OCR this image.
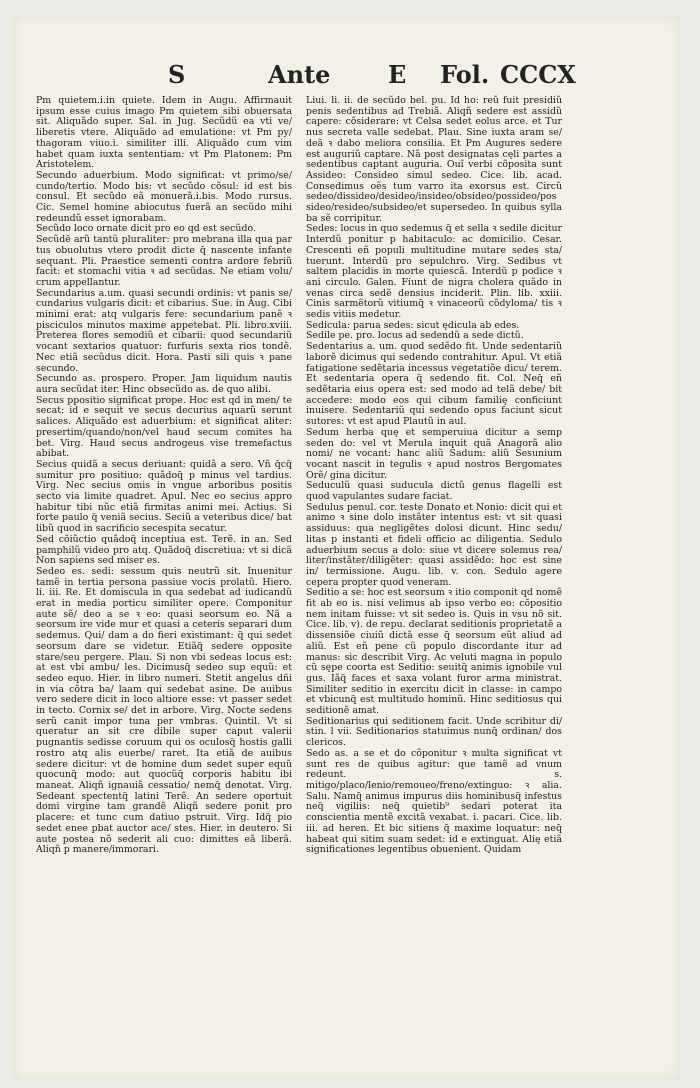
S	Ante E Fol. CCCX

Pm quietem.i.in quiete. Idem in Augu. Affirmauit ipsum esse cuius imago Pm quietem sibi obuersata sit. Aliquãdo super. Sal. in Jug. Secũdũ ea vti ve/ liberetis vtere. Aliquãdo ad emulatione: vt Pm py/ thagoram viuo.i. similiter illi. Aliquãdo cum vim habet quam iuxta sententiam: vt Pm Platonem: Pm Aristotelem.

Secundo aduerbium. Modo significat: vt primo/se/ cundo/tertio. Modo bis: vt secũdo cõsul: id est bis consul. Et secũdo eã monuerã.i.bis. Modo rursus. Cic. Semel homine abiocutus fuerã an secũdo mihi redeundũ esset ignorabam.

Secũdo loco ornate dicit pro eo qd est secũdo.

Secũdē arũ tantũ pluraliter: pro mebrana illa qua par tus obuolutus vtero prodit dicte q̃ nascente infante sequant. Pli. Praestice sementi contra ardore febriũ facit: et stomachi vitia ꝛ ad secũdas. Ne etiam volu/ crum appellantur.

Secundarius a.um. quasi secundi ordinis: vt panis se/ cundarius vulgaris dicit: et cibarius. Sue. in Aug. Cibi minimi erat: atq vulgaris fere: secundarium panẽ ꝛ pisciculos minutos maxime appetebat. Pli. libro.xviii. Preterea flores semodiũ et cibarii: quod secundariũ vocant sextarios quatuor: furfuris sexta rios tondẽ. Nec etiã secũdus dicit. Hora. Pasti sili quis ꝛ pane secundo.

Secundo as. prospero. Proper. Jam liquidum nautis aura secũdat iter. Hinc obsecũdo as. de quo alibi.

Secus ppositio significat prope. Hoc est qd in men/ te secat: id e sequit ve secus decurius aquarũ serunt salices. Aliquãdo est aduerbium: et significat aliter: presertim/quando/non/vel haud secum comites ha bet. Virg. Haud secus androgeus vise tremefactus abibat.

Secius quidã a secus deriuant: quidã a sero. Vñ q̃cq̃ sumitur pro positiuo: quãdoq̃ p minus vel tardius. Virg. Nec secius omis in vngue arboribus positis secto via limite quadret. Apul. Nec eo secius appro habitur tibi nũc etiã firmitas animi mei. Actius. Si forte paulo q̃ veniã secius. Seciũ a veteribus dice/ bat libũ quod in sacrificio secespita secatur.

Sed cõiũctio quãdoq̃ inceptiua est. Terẽ. in an. Sed pamphilũ video pro atq. Quãdoq̃ discretiua: vt si dicã Non sapiens sed miser es.

Sedeo es. sedi: sessum quis neutrũ sit. Inuenitur tamẽ in tertia persona passiue vocis prolatũ. Hiero. li. iii. Re. Et domiscula in qua sedebat ad iudicandũ erat in media porticu similiter opere. Componitur aute sẽ/ deo a se ꝛ eo: quasi seorsum eo. Nã a seorsum ire vide mur et quasi a ceteris separari dum sedemus. Qui/ dam a do fieri existimant: q̃ qui sedet seorsum dare se videtur. Etiãq̃ sedere opposite stare/seu pergere. Plau. Si non vbi sedeas locus est: at est vbi ambu/ les. Dicimusq̃ sedeo sup equũ: et sedeo equo. Hier. in libro numeri. Stetit angelus dñi in via cõtra ba/ laam qui sedebat asine. De auibus vero sedere dicit in loco altiore esse: vt passer sedet in tecto. Cornix se/ det in arbore. Virg. Nocte sedens serũ canit impor tuna per vmbras. Quintil. Vt si queratur an sit cre dibile super caput valerii pugnantis sedisse coruum qui os oculosq̃ hostis galli rostro atq alis euerbe/ raret. Ita etiã de auibus sedere dicitur: vt de homine dum sedet super equũ quocunq̃ modo: aut quocũq̃ corporis habitu ibi maneat. Aliqñ ignauiã cessatio/ nemq̃ denotat. Virg. Sedeant spectentq̃ latini Terẽ. An sedere oportuit domi virgine tam grandẽ Aliqñ sedere ponit pro placere: et tunc cum datiuo pstruit. Virg. Idq̃ pio sedet enee pbat auctor ace/ stes. Hier. in deutero. Si aute postea nõ sederit ali cuo: dimittes eã liberã. Aliqñ p manere/immorari.

Liui. li. ii. de secũdo bel. pu. Id ho: reũ fuit presidiũ penis sedentibus ad Trebiã. Aliqñ sedere est assidũ capere: cõsiderare: vt Celsa sedet eolus arce. et Tur nus secreta valle sedebat. Plau. Sine iuxta aram se/ deã ꝛ dabo meliora consilia. Et Pm Augures sedere est auguriũ captare. Nã post designatas cęli partes a sedentibus captant auguria. Ouĩ verbi cõposita sunt Assideo: Consideo simul sedeo. Cice. lib. acad. Consedimus oẽs tum varro ita exorsus est. Circũ sedeo/dissideo/desideo/insideo/obsideo/possideo/pos sideo/resideo/subsideo/et supersedeo. In quibus sylla ba sẽ corripitur.

Sedes: locus in quo sedemus q̃ et sella ꝛ sedile dicitur Interdũ ponitur p habitaculo: ac domicilio. Cesar. Crescenti eñ populi multitudine mutare sedes sta/ tuerunt. Interdũ pro sepulchro. Virg. Sedibus vt saltem placidis in morte quiescã. Interdũ p podice ꝛ ani circulo. Galen. Fiunt de nigra cholera quãdo in venas circa sedẽ densius inciderit. Plin. lib. xxiii. Cinis sarmẽtorũ vitiumq̃ ꝛ vinaceorũ cõdyloma/ tis ꝛ sedis vitiis medetur.

Sedicula: parua sedes: sicut ędicula ab edes.

Sedile pe. pro. locus ad sedendũ a sede dictũ.

Sedentarius a. um. quod sedẽdo fit. Unde sedentariũ laborẽ dicimus qui sedendo contrahitur. Apul. Vt etiã fatigatione sedẽtaria incessus vegetatiõe dicu/ terem. Et sedentaria opera q̃ sedendo fit. Col. Neq̃ eñ sedẽtaria eius opera est: sed modo ad telã debe/ bit accedere: modo eos qui cibum familię conficiunt inuisere. Sedentariũ qui sedendo opus faciunt sicut sutores: vt est apud Plautũ in aul.

Sedum herba quę et semperuiua dicitur a semp seden do: vel vt Merula inquit quã Anagorã alio nomi/ ne vocant: hanc aliũ Sadum: aliũ Sesunium vocant nascit in tegulis ꝛ apud nostros Bergomates Orẽ/ gina dicitur.

Seduculũ quasi suducula dictũ genus flagelli est quod vapulantes sudare faciat.

Sedulus penul. cor. teste Donato et Nonio: dicit qui et animo ꝛ sine dolo instãter intentus est: vt sit quasi assiduus: qua negligẽtes dolosi dicunt. Hinc sedu/ litas p instanti et fideli officio ac diligentia. Sedulo aduerbium secus a dolo: siue vt dicere solemus rea/ liter/instãter/diligẽter: quasi assidẽdo: hoc est sine in/ termissione. Augu. lib. v. con. Sedulo agere cepera propter quod veneram.

Seditio a se: hoc est seorsum ꝛ itio componit qd nomẽ fit ab eo is. nisi velimus ab ipso verbo eo: cõpositio nem initam fuisse: vt sit sedeo is. Quis in vsu nõ sit. Cice. lib. v). de repu. declarat seditionis proprietatẽ a dissensiõe ciuiũ dictã esse q̃ seorsum eũt aliud ad aliũ. Est eñ pene cũ populo discordante itur ad manus: sic describit Virg. Ac veluti magna in populo cũ sępe coorta est Seditio: seuitq̃ animis ignobile vul gus. Iãq̃ faces et saxa volant furor arma ministrat. Similiter seditio in exercitu dicit in classe: in campo et vbicunq̃ est multitudo hominũ. Hinc seditiosus qui seditionẽ amat.

Seditionarius qui seditionem facit. Unde scribitur di/ stin. l vii. Seditionarios statuimus nunq̃ ordinan/ dos clericos.

Sedo as. a se et do cõponitur ꝛ multa significat vt sunt res de quibus agitur: que tamẽ ad vnum redeunt. s. mitigo/placo/lenio/remoueo/freno/extinguo: ꝛ alia. Salu. Namq̃ animus impurus diis hominibusq̃ infestus neq̃ vigiliis: neq̃ quietib⁹ sedari poterat ita conscientia mentẽ excitã vexabat. i. pacari. Cice. lib. iii. ad heren. Et bic sitiens q̃ maxime loquatur: neq̃ habeat qui sitim suam sedet: id e extinguat. Alię etiã significationes legentibus obuenient. Quidam
